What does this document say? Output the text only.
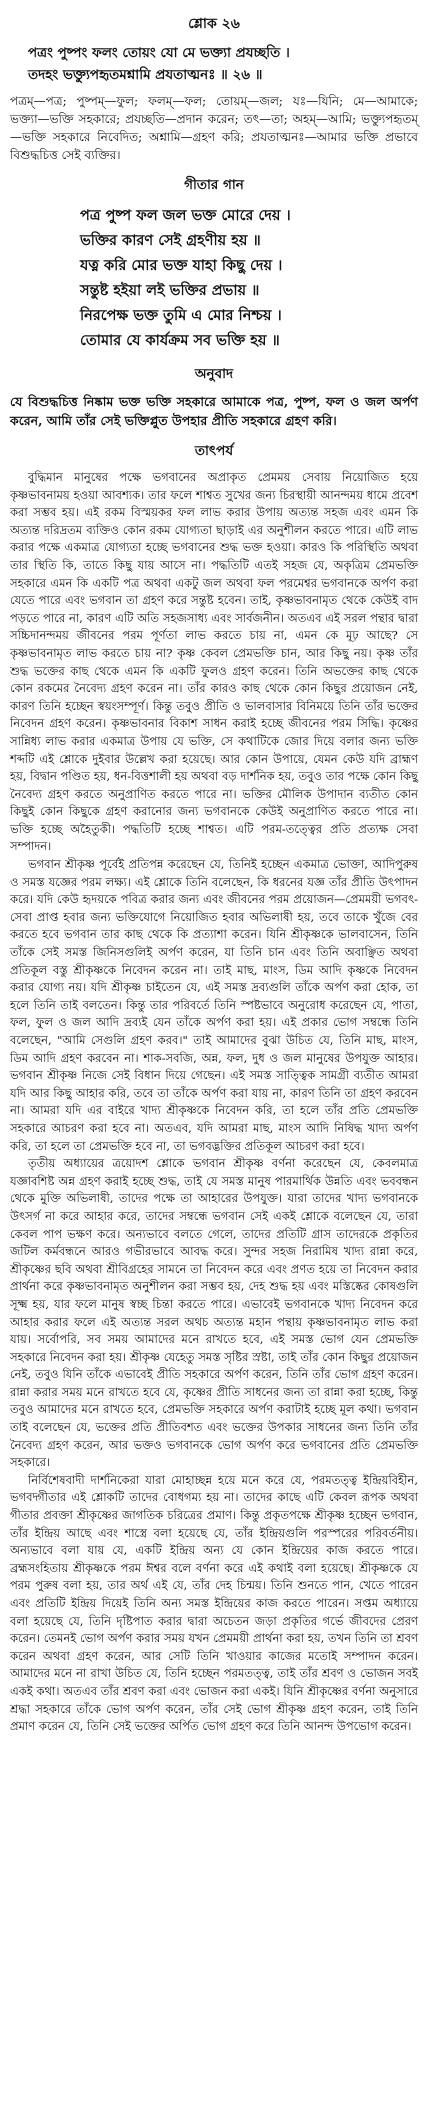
শ্লোক ২৬
পত্রং পুষ্পং ফলং তোয়ং যো মে ভক্ত্যা প্রযচ্ছতি ।
তদহং ভক্ত্যুপহৃতমশ্নামি প্রযতাত্মনঃ ॥ ২৬ ॥
পত্রম্—পত্র; পুষ্পম্—ফুল; ফলম্—ফল; তোয়ম্—জল; যঃ—যিনি; মে—আমাকে; ভক্ত্যা—ভক্তি সহকারে; প্রযচ্ছতি—প্রদান করেন; তৎ—তা; অহম্—আমি; ভক্ত্যুপহৃতম্—ভক্তি সহকারে নিবেদিত; অশ্নামি—গ্রহণ করি; প্রযতাত্মনঃ—আমার ভক্তি প্রভাবে বিশুদ্ধচিত্ত সেই ব্যক্তির।
গীতার গান
পত্র পুষ্প ফল জল ভক্ত মোরে দেয় ।
ভক্তির কারণ সেই গ্রহণীয় হয় ॥
যত্ন করি মোর ভক্ত যাহা কিছু দেয় ।
সন্তুষ্ট হইয়া লই ভক্তির প্রভায় ॥
নিরপেক্ষ ভক্ত তুমি এ মোর নিশ্চয় ।
তোমার যে কার্যক্রম সব ভক্তি হয় ॥
অনুবাদ
যে বিশুদ্ধচিত্ত নিষ্কাম ভক্ত ভক্তি সহকারে আমাকে পত্র, পুষ্প, ফল ও জল অর্পণ করেন, আমি তাঁর সেই ভক্তিপ্লুত উপহার প্রীতি সহকারে গ্রহণ করি।
তাৎপর্য

বুদ্ধিমান মানুষের পক্ষে ভগবানের অপ্রাকৃত প্রেমময় সেবায় নিয়োজিত হয়ে কৃষ্ণভাবনাময় হওয়া আবশ্যক। তার ফলে শাশ্বত সুখের জন্য চিরস্থায়ী আনন্দময় ধামে প্রবেশ করা সম্ভব হয়। এই রকম বিস্ময়কর ফল লাভ করার উপায় অত্যন্ত সহজ এবং এমন কি অত্যন্ত দরিদ্রতম ব্যক্তিও কোন রকম যোগ্যতা ছাড়াই এর অনুশীলন করতে পারে। এটি লাভ করার পক্ষে একমাত্র যোগ্যতা হচ্ছে ভগবানের শুদ্ধ ভক্ত হওয়া। কারও কি পরিস্থিতি অথবা তার স্থিতি কি, তাতে কিছু যায় আসে না। পদ্ধতিটি এতই সহজ যে, অকৃত্রিম প্রেমভক্তি সহকারে এমন কি একটি পত্র অথবা একটু জল অথবা ফল পরমেশ্বর ভগবানকে অর্পণ করা যেতে পারে এবং ভগবান তা গ্রহণ করে সন্তুষ্ট হবেন। তাই, কৃষ্ণভাবনামৃত থেকে কেউই বাদ পড়তে পারে না, কারণ এটি অতি সহজসাধ্য এবং সার্বজনীন। অতএব এই সরল পন্থার দ্বারা সচ্চিদানন্দময় জীবনের পরম পূর্ণতা লাভ করতে চায় না, এমন কে মূঢ় আছে? সে কৃষ্ণভাবনামৃত লাভ করতে চায় না? কৃষ্ণ কেবল প্রেমভক্তি চান, আর কিছু নয়। কৃষ্ণ তাঁর শুদ্ধ ভক্তের কাছ থেকে এমন কি একটি ফুলও গ্রহণ করেন। তিনি অভক্তের কাছ থেকে কোন রকমের নৈবেদ্য গ্রহণ করেন না। তাঁর কারও কাছ থেকে কোন কিছুর প্রয়োজন নেই, কারণ তিনি হচ্ছেন স্বয়ংসম্পূর্ণ। কিন্তু তবুও প্রীতি ও ভালবাসার বিনিময়ে তিনি তাঁর ভক্তের নিবেদন গ্রহণ করেন। কৃষ্ণভাবনার বিকাশ সাধন করাই হচ্ছে জীবনের পরম সিদ্ধি। কৃষ্ণের সান্নিধ্য লাভ করার একমাত্র উপায় যে ভক্তি, সে কথাটিকে জোর দিয়ে বলার জন্য ভক্তি শব্দটি এই শ্লোকে দুইবার উল্লেখ করা হয়েছে। আর কোন উপায়ে, যেমন কেউ যদি ব্রাহ্মণ হয়, বিদ্বান পণ্ডিত হয়, ধন-বিত্তশালী হয় অথবা বড় দার্শনিক হয়, তবুও তার পক্ষে কোন কিছু নৈবেদ্য গ্রহণ করতে অনুপ্রাণিত করতে পারে না। ভক্তির মৌলিক উপাদান ব্যতীত কোন কিছুই কোন কিছুকে গ্রহণ করানোর জন্য ভগবানকে কেউই অনুপ্রাণিত করতে পারে না। ভক্তি হচ্ছে অহৈতুকী। পদ্ধতিটি হচ্ছে শাশ্বত। এটি পরম-তত্ত্বের প্রতি প্রত্যক্ষ সেবা সম্পাদন।

ভগবান শ্রীকৃষ্ণ পূর্বেই প্রতিপন্ন করেছেন যে, তিনিই হচ্ছেন একমাত্র ভোক্তা, আদিপুরুষ ও সমস্ত যজ্ঞের পরম লক্ষ্য। এই শ্লোকে তিনি বলেছেন, কি ধরনের যজ্ঞ তাঁর প্রীতি উৎপাদন করে। যদি কেউ হৃদয়কে পবিত্র করার জন্য এবং জীবনের পরম প্রয়োজন—প্রেমময়ী ভগবৎ-সেবা প্রাপ্ত হবার জন্য ভক্তিযোগে নিয়োজিত হবার অভিলাষী হয়, তবে তাকে খুঁজে বের করতে হবে ভগবান তার কাছ থেকে কি প্রত্যাশা করেন। যিনি শ্রীকৃষ্ণকে ভালবাসেন, তিনি তাঁকে সেই সমস্ত জিনিসগুলিই অর্পণ করেন, যা তিনি চান এবং তিনি অবাঞ্ছিত অথবা প্রতিকূল বস্তু শ্রীকৃষ্ণকে নিবেদন করেন না। তাই মাছ, মাংস, ডিম আদি কৃষ্ণকে নিবেদন করার যোগ্য নয়। যদি শ্রীকৃষ্ণ চাইতেন যে, এই সমস্ত দ্রব্যগুলি তাঁকে অর্পণ করা হোক, তা হলে তিনি তাই বলতেন। কিন্তু তার পরিবর্তে তিনি স্পষ্টভাবে অনুরোধ করেছেন যে, পাতা, ফল, ফুল ও জল আদি দ্রব্যই যেন তাঁকে অর্পণ করা হয়। এই প্রকার ভোগ সম্বন্ধে তিনি বলেছেন, "আমি সেগুলি গ্রহণ করব।" তাই আমাদের বুঝা উচিত যে, তিনি মাছ, মাংস, ডিম আদি গ্রহণ করবেন না। শাক-সবজি, অন্ন, ফল, দুধ ও জল মানুষের উপযুক্ত আহার। ভগবান শ্রীকৃষ্ণ নিজে সেই বিধান দিয়ে গেছেন। এই সমস্ত সাত্ত্বিক সামগ্রী ব্যতীত আমরা যদি আর কিছু আহার করি, তবে তা তাঁকে অর্পণ করা যায় না, কারণ তিনি তা গ্রহণ করবেন না। আমরা যদি এর বাইরে খাদ্য শ্রীকৃষ্ণকে নিবেদন করি, তা হলে তাঁর প্রতি প্রেমভক্তি সহকারে আচরণ করা হবে না। অতএব, যদি আমরা মাছ, মাংস আদি নিষিদ্ধ খাদ্য অর্পণ করি, তা হলে তা প্রেমভক্তি হবে না, তা ভগবদ্ভক্তির প্রতিকূল আচরণ করা হবে।

তৃতীয় অধ্যায়ের ত্রয়োদশ শ্লোকে ভগবান শ্রীকৃষ্ণ বর্ণনা করেছেন যে, কেবলমাত্র যজ্ঞাবশিষ্ট অন্ন গ্রহণ করাই হচ্ছে শুদ্ধ, তাই যে সমস্ত মানুষ পারমার্থিক উন্নতি এবং ভববন্ধন থেকে মুক্তি অভিলাষী, তাদের পক্ষে তা আহারের উপযুক্ত। যারা তাদের খাদ্য ভগবানকে উৎসর্গ না করে আহার করে, তাদের সম্বন্ধে ভগবান সেই একই শ্লোকে বলেছেন যে, তারা কেবল পাপ ভক্ষণ করে। অন্যভাবে বলতে গেলে, তাদের প্রতিটি গ্রাস তাদেরকে প্রকৃতির জটিল কর্মবন্ধনে আরও গভীরভাবে আবদ্ধ করে। সুন্দর সহজ নিরামিষ খাদ্য রান্না করে, শ্রীকৃষ্ণের ছবি অথবা শ্রীবিগ্রহের সামনে তা নিবেদন করে এবং প্রণত হয়ে তা নিবেদন করার প্রার্থনা করে কৃষ্ণভাবনামৃত অনুশীলন করা সম্ভব হয়, দেহ শুদ্ধ হয় এবং মস্তিষ্কের কোষগুলি সূক্ষ্ম হয়, যার ফলে মানুষ স্বচ্ছ চিন্তা করতে পারে। এভাবেই ভগবানকে খাদ্য নিবেদন করে আহার করার ফলে এই অত্যন্ত সরল অথচ অত্যন্ত মহান পন্থায় কৃষ্ণভাবনামৃত লাভ করা যায়। সর্বোপরি, সব সময় আমাদের মনে রাখতে হবে, এই সমস্ত ভোগ যেন প্রেমভক্তি সহকারে নিবেদন করা হয়। শ্রীকৃষ্ণ যেহেতু সমস্ত সৃষ্টির স্রষ্টা, তাই তাঁর কোন কিছুর প্রয়োজন নেই, তবুও যিনি তাঁকে এভাবেই প্রীতি সহকারে অর্পণ করেন, তিনি তাঁর ভোগ গ্রহণ করেন। রান্না করার সময় মনে রাখতে হবে যে, কৃষ্ণের প্রীতি সাধনের জন্য তা রান্না করা হচ্ছে, কিন্তু তবুও আমাদের মনে রাখতে হবে, প্রেমভক্তি সহকারে অর্পণ করাটাই হচ্ছে মূল কথা। ভগবান তাই বলেছেন যে, ভক্তের প্রতি প্রীতিবশত এবং ভক্তের উপকার সাধনের জন্য তিনি তাঁর নৈবেদ্য গ্রহণ করেন, আর ভক্তও ভগবানকে ভোগ অর্পণ করে ভগবানের প্রতি প্রেমভক্তি সহকারে।

নির্বিশেষবাদী দার্শনিকেরা যারা মোহাচ্ছন্ন হয়ে মনে করে যে, পরমতত্ত্ব ইন্দ্রিয়বিহীন, ভগবদ্গীতার এই শ্লোকটি তাদের বোধগম্য হয় না। তাদের কাছে এটি কেবল রূপক অথবা গীতার প্রবক্তা শ্রীকৃষ্ণের জাগতিক চরিত্রের প্রমাণ। কিন্তু প্রকৃতপক্ষে শ্রীকৃষ্ণ হচ্ছেন ভগবান, তাঁর ইন্দ্রিয় আছে এবং শাস্ত্রে বলা হয়েছে যে, তাঁর ইন্দ্রিয়গুলি পরস্পরের পরিবর্তনীয়। অন্যভাবে বলা যায় যে, একটি ইন্দ্রিয় অন্য যে কোন ইন্দ্রিয়ের কাজ করতে পারে। ব্রহ্মসংহিতায় শ্রীকৃষ্ণকে পরম ঈশ্বর বলে বর্ণনা করে এই কথাই বলা হয়েছে। শ্রীকৃষ্ণকে যে পরম পুরুষ বলা হয়, তার অর্থ এই যে, তাঁর দেহ চিন্ময়। তিনি শুনতে পান, খেতে পারেন এবং প্রতিটি ইন্দ্রিয় দিয়েই তিনি অন্য সমস্ত ইন্দ্রিয়ের কাজ করতে পারেন। সপ্তম অধ্যায়ে বলা হয়েছে যে, তিনি দৃষ্টিপাত করার দ্বারা অচেতন জড়া প্রকৃতির গর্ভে জীবদের প্রেরণ করেন। তেমনই ভোগ অর্পণ করার সময় যখন প্রেমময়ী প্রার্থনা করা হয়, তখন তিনি তা শ্রবণ করেন অথবা গ্রহণ করেন, আর সেটি তিনি খাওয়ার কাজের মতোই সম্পাদন করেন। আমাদের মনে না রাখা উচিত যে, তিনি হচ্ছেন পরমতত্ত্ব, তাই তাঁর শ্রবণ ও ভোজন সবই একই কথা। অতএব তাঁর শ্রবণ করা এবং ভোজন করা একই। যিনি শ্রীকৃষ্ণের বর্ণনা অনুসারে শ্রদ্ধা সহকারে তাঁকে ভোগ অর্পণ করেন, তাঁর সেই ভোগ শ্রীকৃষ্ণ গ্রহণ করেন, তাই তিনি প্রমাণ করেন যে, তিনি সেই ভক্তের অর্পিত ভোগ গ্রহণ করে তিনি আনন্দ উপভোগ করেন।
